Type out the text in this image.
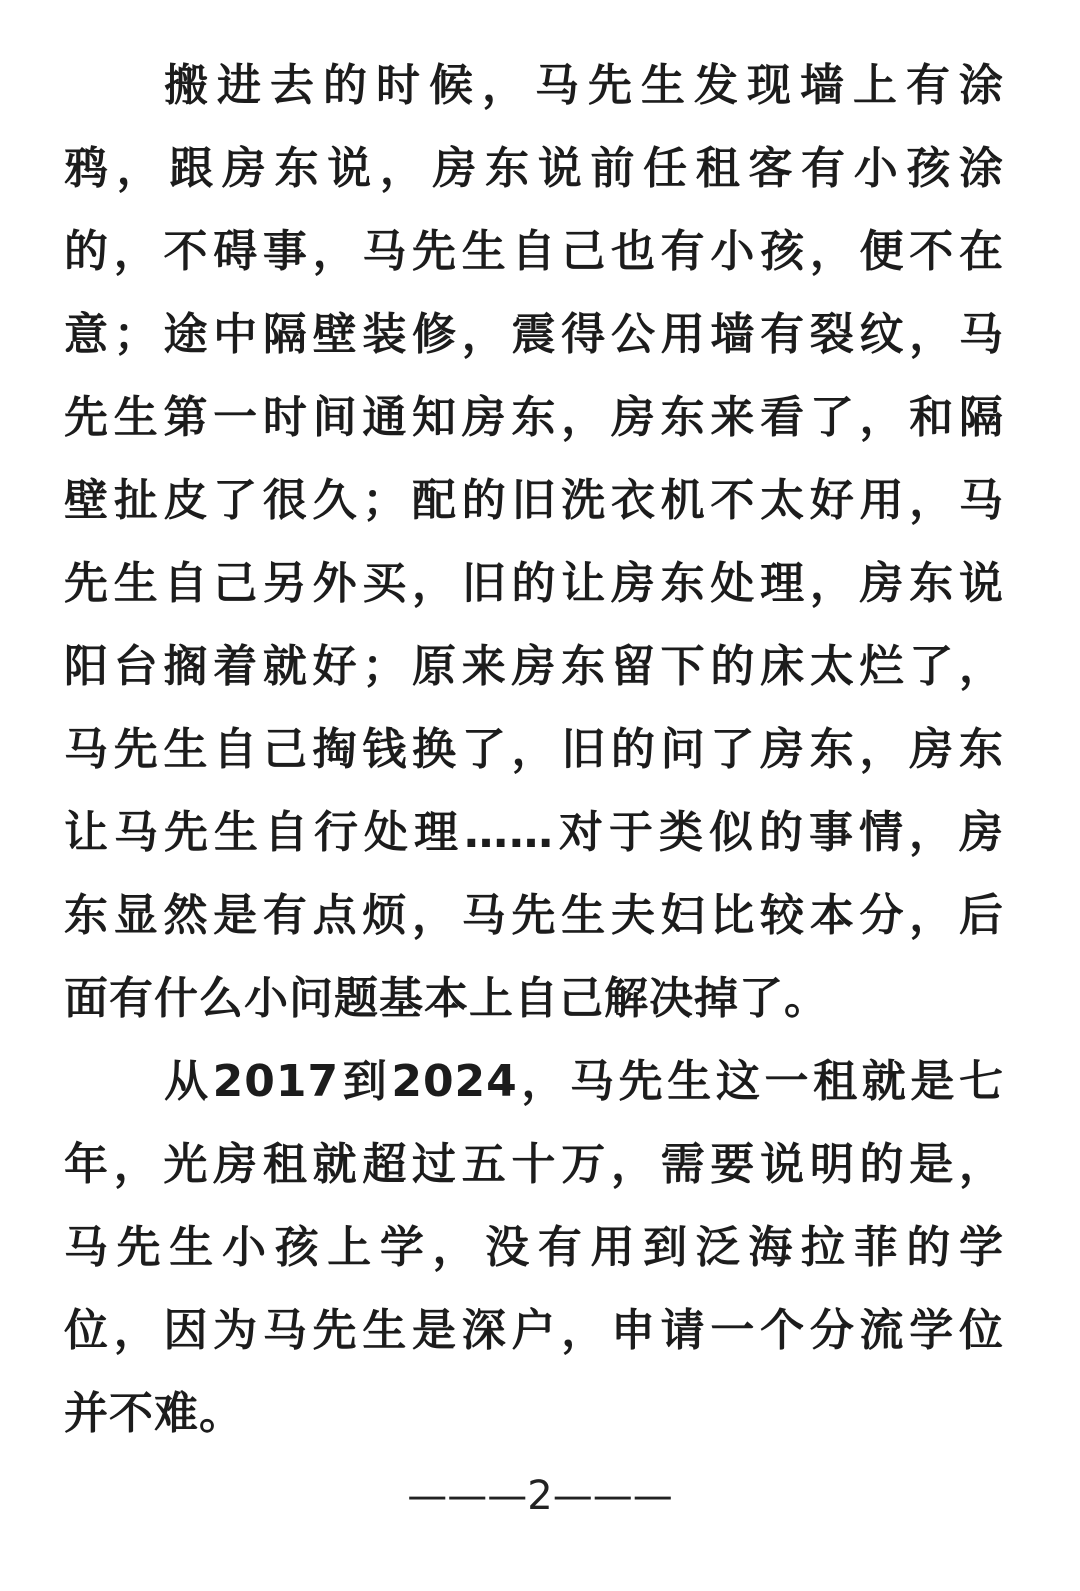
搬进去的时候，马先生发现墙上有涂
鸦，跟房东说，房东说前任租客有小孩涂
的，不碍事，马先生自己也有小孩，便不在
意；途中隔壁装修，震得公用墙有裂纹，马
先生第一时间通知房东，房东来看了，和隔
壁扯皮了很久；配的旧洗衣机不太好用，马
先生自己另外买，旧的让房东处理，房东说
阳台搁着就好；原来房东留下的床太烂了，
马先生自己掏钱换了，旧的问了房东，房东
让马先生自行处理……对于类似的事情，房
东显然是有点烦，马先生夫妇比较本分，后
面有什么小问题基本上自己解决掉了。
从2017到2024，马先生这一租就是七
年，光房租就超过五十万，需要说明的是，
马先生小孩上学，没有用到泛海拉菲的学
位，因为马先生是深户，申请一个分流学位
并不难。
———2———
